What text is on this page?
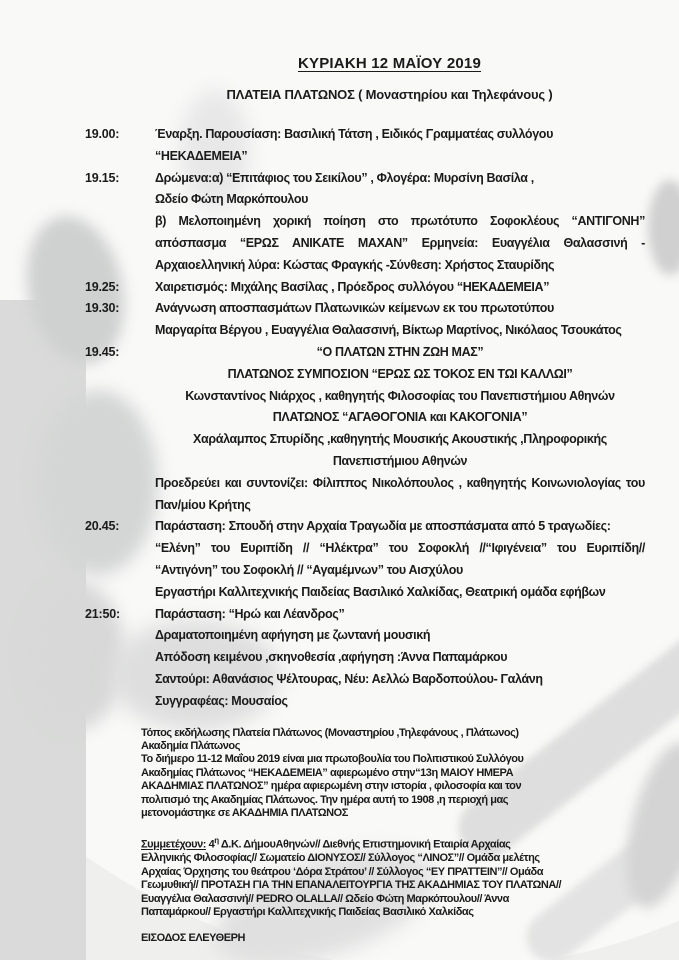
ΚΥΡΙΑΚΗ 12 ΜΑΪΟΥ 2019
ΠΛΑΤΕΙΑ ΠΛΑΤΩΝΟΣ ( Μοναστηρίου και Τηλεφάνους )
19.00:	Έναρξη. Παρουσίαση: Βασιλική Τάτση , Ειδικός Γραμματέας συλλόγου

“ΗΕΚΑΔΕΜΕΙΑ”

19.15:	Δρώμενα:α) “Επιτάφιος του Σεικίλου” , Φλογέρα: Μυρσίνη Βασίλα ,

Ωδείο Φώτη Μαρκόπουλου

β) Μελοποιημένη χορική ποίηση στο πρωτότυπο Σοφοκλέους “ΑΝΤΙΓΟΝΗ” απόσπασμα “ΕΡΩΣ ΑΝΙΚΑΤΕ ΜΑΧΑΝ” Ερμηνεία: Ευαγγέλια Θαλασσινή - Αρχαιοελληνική λύρα: Κώστας Φραγκής -Σύνθεση: Χρήστος Σταυρίδης

19.25:	Χαιρετισμός: Μιχάλης Βασίλας , Πρόεδρος συλλόγου “ΗΕΚΑΔΕΜΕΙΑ”

19.30:	Ανάγνωση αποσπασμάτων Πλατωνικών κείμενων εκ του πρωτοτύπου

Μαργαρίτα Βέργου , Ευαγγέλια Θαλασσινή, Βίκτωρ Μαρτίνος, Νικόλαος Τσουκάτος

19.45:	“Ο ΠΛΑΤΩΝ ΣΤΗΝ ΖΩΗ ΜΑΣ”

ΠΛΑΤΩΝΟΣ ΣΥΜΠΟΣΙΟΝ “ΕΡΩΣ ΩΣ ΤΟΚΟΣ ΕΝ ΤΩΙ ΚΑΛΛΩΙ”

Κωνσταντίνος Νιάρχος , καθηγητής Φιλοσοφίας του Πανεπιστήμιου Αθηνών

ΠΛΑΤΩΝΟΣ “ΑΓΑΘΟΓΟΝΙΑ και ΚΑΚΟΓΟΝΙΑ”

Χαράλαμπος Σπυρίδης ,καθηγητής Μουσικής Ακουστικής ,Πληροφορικής

Πανεπιστήμιου Αθηνών

Προεδρεύει και συντονίζει: Φίλιππος Νικολόπουλος , καθηγητής Κοινωνιολογίας του Παν/μίου Κρήτης

20.45:	Παράσταση: Σπουδή στην Αρχαία Τραγωδία με αποσπάσματα από 5 τραγωδίες:

“Ελένη” του Ευριπίδη // “Ηλέκτρα” του Σοφοκλή //“Ιφιγένεια” του Ευριπίδη// “Αντιγόνη” του Σοφοκλή // “Αγαμέμνων” του Αισχύλου

Εργαστήρι Καλλιτεχνικής Παιδείας Βασιλικό Χαλκίδας, Θεατρική ομάδα εφήβων

21:50:	Παράσταση: “Ηρώ και Λέανδρος”

Δραματοποιημένη αφήγηση με ζωντανή μουσική

Απόδοση κειμένου ,σκηνοθεσία ,αφήγηση :Άννα Παπαμάρκου

Σαντούρι: Αθανάσιος Ψέλτουρας, Νέυ: Αελλώ Βαρδοπούλου- Γαλάνη

Συγγραφέας: Μουσαίος

Τόπος εκδήλωσης Πλατεία Πλάτωνος (Μοναστηρίου ,Τηλεφάνους , Πλάτωνος)

Ακαδημία Πλάτωνος

Το διήμερο 11-12 Μαΐου 2019 είναι μια πρωτοβουλία του Πολιτιστικού Συλλόγου

Ακαδημίας Πλάτωνος “ΗΕΚΑΔΕΜΕΙΑ” αφιερωμένο στην“13η ΜΑΙΟΥ ΗΜΕΡΑ

ΑΚΑΔΗΜΙΑΣ ΠΛΑΤΩΝΟΣ” ημέρα αφιερωμένη στην ιστορία , φιλοσοφία και τον

πολιτισμό της Ακαδημίας Πλάτωνος. Την ημέρα αυτή το 1908 ,η περιοχή μας

μετονομάστηκε σε ΑΚΑΔΗΜΙΑ ΠΛΑΤΩΝΟΣ

Συμμετέχουν: $4^\eta$ Δ.Κ. ΔήμουΑθηνών// Διεθνής Επιστημονική Εταιρία Αρχαίας

Ελληνικής Φιλοσοφίας// Σωματείο ΔΙΟΝΥΣΟΣ// Σύλλογος “ΛΙΝΟΣ”// Ομάδα μελέτης

Αρχαίας Όρχησης του θεάτρου ‘Δόρα Στράτου’ // Σύλλογος “ΕΥ ΠΡΑΤΤΕΙΝ”// Ομάδα

Γεωμυθική// ΠΡΟΤΑΣΗ ΓΙΑ ΤΗΝ ΕΠΑΝΑΛΕΙΤΟΥΡΓΙΑ ΤΗΣ ΑΚΑΔΗΜΙΑΣ ΤΟΥ ΠΛΑΤΩΝΑ//

Ευαγγέλια Θαλασσινή// PEDRO OLALLA// Ωδείο Φώτη Μαρκόπουλου// Άννα

Παπαμάρκου// Εργαστήρι Καλλιτεχνικής Παιδείας Βασιλικό Χαλκίδας

ΕΙΣΟΔΟΣ ΕΛΕΥΘΕΡΗ
